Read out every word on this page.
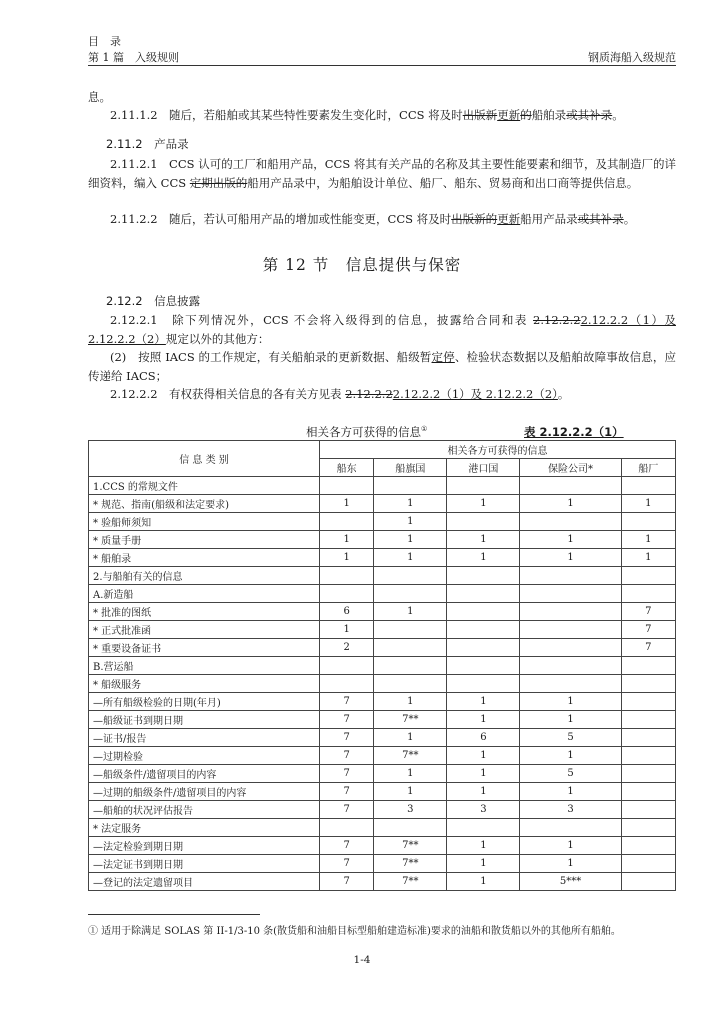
目　录
第 1 篇　入级规则	钢质海船入级规范
息。
2.11.1.2　随后，若船舶或其某些特性要素发生变化时，CCS 将及时出版新更新的船舶录或其补录。
2.11.2　产品录
2.11.2.1　CCS 认可的工厂和船用产品，CCS 将其有关产品的名称及其主要性能要素和细节，及其制造厂的详细资料，编入 CCS 定期出版的船用产品录中，为船舶设计单位、船厂、船东、贸易商和出口商等提供信息。
2.11.2.2　随后，若认可船用产品的增加或性能变更，CCS 将及时出版新的更新船用产品录或其补录。
第 12 节　信息提供与保密
2.12.2　信息披露
2.12.2.1　除下列情况外，CCS 不会将入级得到的信息，披露给合同和表 2.12.2.22.12.2.2（1）及 2.12.2.2（2）规定以外的其他方：
(2)　按照 IACS 的工作规定，有关船舶录的更新数据、船级暂定停、检验状态数据以及船舶故障事故信息，应传递给 IACS；
2.12.2.2　有权获得相关信息的各有关方见表 2.12.2.22.12.2.2（1）及 2.12.2.2（2）。
相关各方可获得的信息①	表 2.12.2.2（1）
信 息 类 别	相关各方可获得的信息				
	船东	船旗国	港口国	保险公司*	船厂
1.CCS 的常规文件					
* 规范、指南(船级和法定要求)	1	1	1	1	1
* 验船师须知		1			
* 质量手册	1	1	1	1	1
* 船舶录	1	1	1	1	1
2.与船舶有关的信息					
A.新造船					
* 批准的图纸	6	1			7
* 正式批准函	1				7
* 重要设备证书	2				7
B.营运船					
* 船级服务					
—所有船级检验的日期(年月)	7	1	1	1	
—船级证书到期日期	7	7**	1	1	
—证书/报告	7	1	6	5	
—过期检验	7	7**	1	1	
—船级条件/遗留项目的内容	7	1	1	5	
—过期的船级条件/遗留项目的内容	7	1	1	1	
—船舶的状况评估报告	7	3	3	3	
* 法定服务					
—法定检验到期日期	7	7**	1	1	
—法定证书到期日期	7	7**	1	1	
—登记的法定遗留项目	7	7**	1	5***	
① 适用于除满足 SOLAS 第 II-1/3-10 条(散货船和油船目标型船舶建造标准)要求的油船和散货船以外的其他所有船舶。
1-4
